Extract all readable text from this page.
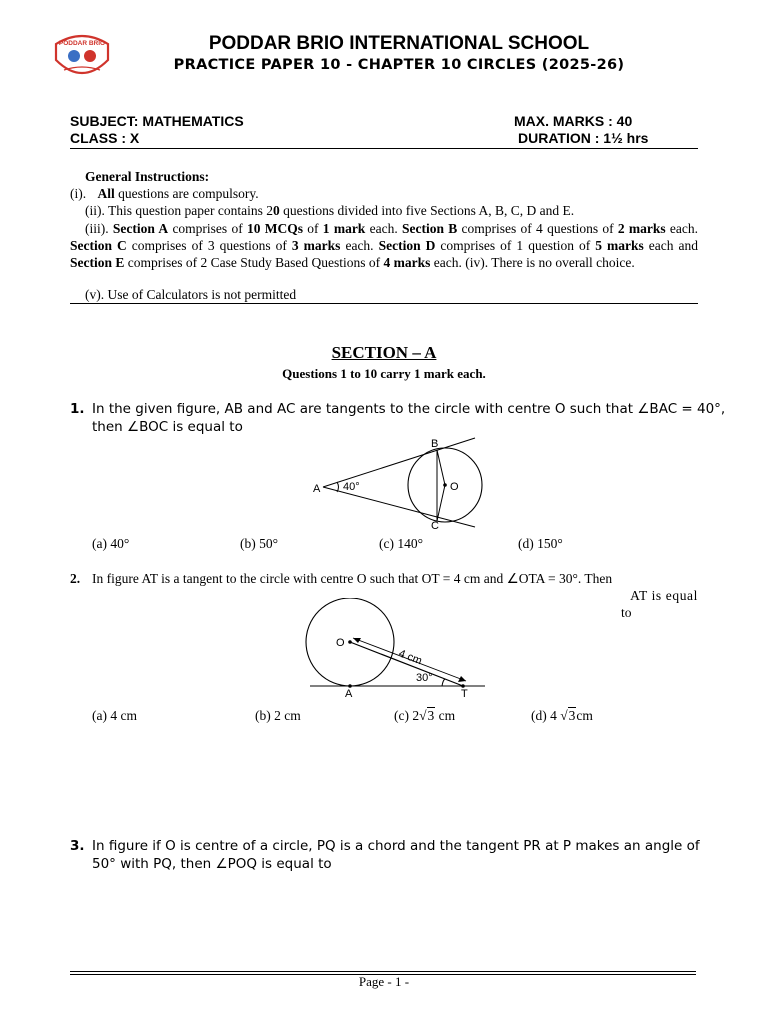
PODDAR BRIO	PODDAR BRIO INTERNATIONAL SCHOOL
PRACTICE PAPER 10 - CHAPTER 10 CIRCLES (2025-26)
SUBJECT: MATHEMATICS	MAX. MARKS : 40
CLASS : X	DURATION : 1½ hrs
General Instructions:
(i). All questions are compulsory.
(ii). This question paper contains 20 questions divided into five Sections A, B, C, D and E.
(iii). Section A comprises of 10 MCQs of 1 mark each. Section B comprises of 4 questions of 2 marks each. Section C comprises of 3 questions of 3 marks each. Section D comprises of 1 question of 5 marks each and Section E comprises of 2 Case Study Based Questions of 4 marks each. (iv). There is no overall choice.
(v). Use of Calculators is not permitted
SECTION – A
Questions 1 to 10 carry 1 mark each.
1. In the given figure, AB and AC are tangents to the circle with centre O such that ∠BAC = 40°,
then ∠BOC is equal to
A 40°
B
C
O
(a) 40°	(b) 50°	(c) 140°	(d) 150°
2. In figure AT is a tangent to the circle with centre O such that OT = 4 cm and ∠OTA = 30°. Then
AT is equal
to
O
4 cm
30°
A	T
(a) 4 cm	(b) 2 cm	(c) 2√3 cm	(d) 4 √3cm
3. In figure if O is centre of a circle, PQ is a chord and the tangent PR at P makes an angle of
50° with PQ, then ∠POQ is equal to
Page - 1 -
